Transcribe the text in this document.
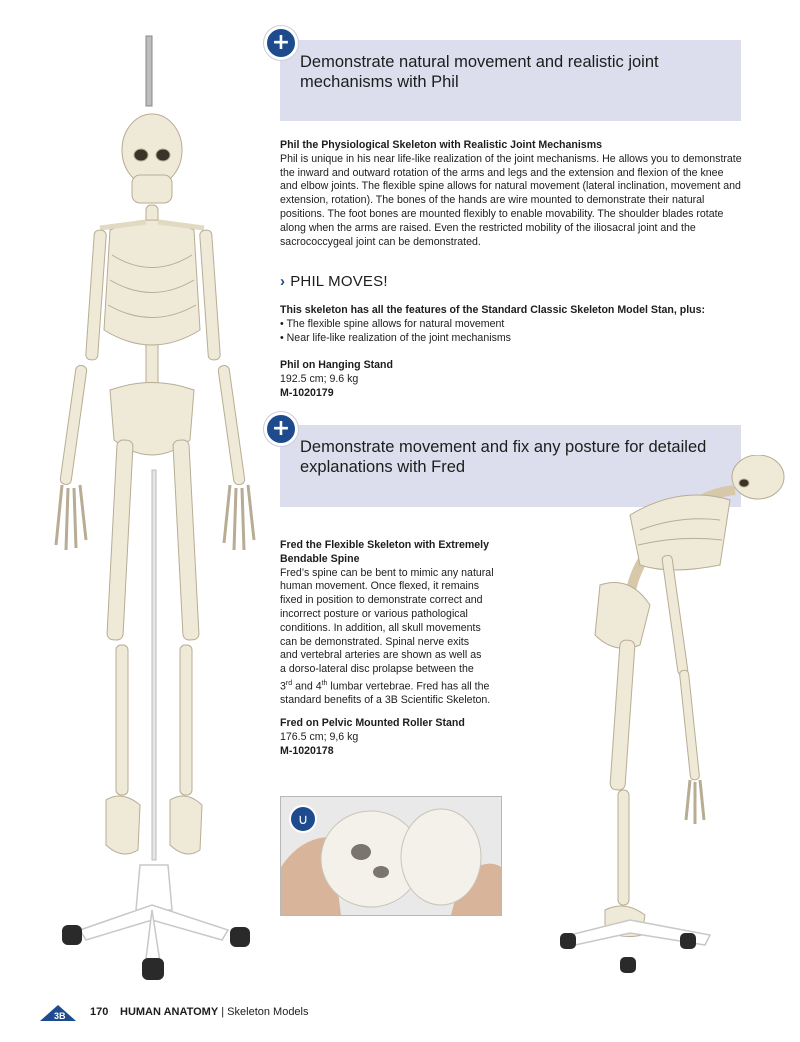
Demonstrate natural movement and realistic joint mechanisms with Phil
+
Phil the Physiological Skeleton with Realistic Joint Mechanisms
Phil is unique in his near life-like realization of the joint mechanisms. He allows you to demonstrate the inward and outward rotation of the arms and legs and the extension and flexion of the knee and elbow joints. The flexible spine allows for natural movement (lateral inclination, movement and extension, rotation). The bones of the hands are wire mounted to demonstrate their natural positions. The foot bones are mounted flexibly to enable movability. The shoulder blades rotate along when the arms are raised. Even the restricted mobility of the iliosacral joint and the sacrococcygeal joint can be demonstrated.
› PHIL MOVES!
This skeleton has all the features of the Standard Classic Skeleton Model Stan, plus:
• The flexible spine allows for natural movement
• Near life-like realization of the joint mechanisms
Phil on Hanging Stand
192.5 cm; 9.6 kg
M-1020179
Demonstrate movement and fix any posture for detailed explanations with Fred
+
Fred the Flexible Skeleton with Extremely Bendable Spine
Fred’s spine can be bent to mimic any natural
human movement. Once flexed, it remains
fixed in position to demonstrate correct and
incorrect posture or various pathological
conditions. In addition, all skull movements
can be demonstrated. Spinal nerve exits
and vertebral arteries are shown as well as
a dorso-lateral disc prolapse between the
3rd and 4th lumbar vertebrae. Fred has all the
standard benefits of a 3B Scientific Skeleton.
Fred on Pelvic Mounted Roller Stand
176.5 cm; 9,6 kg
M-1020178
∪
3B 170 HUMAN ANATOMY | Skeleton Models
